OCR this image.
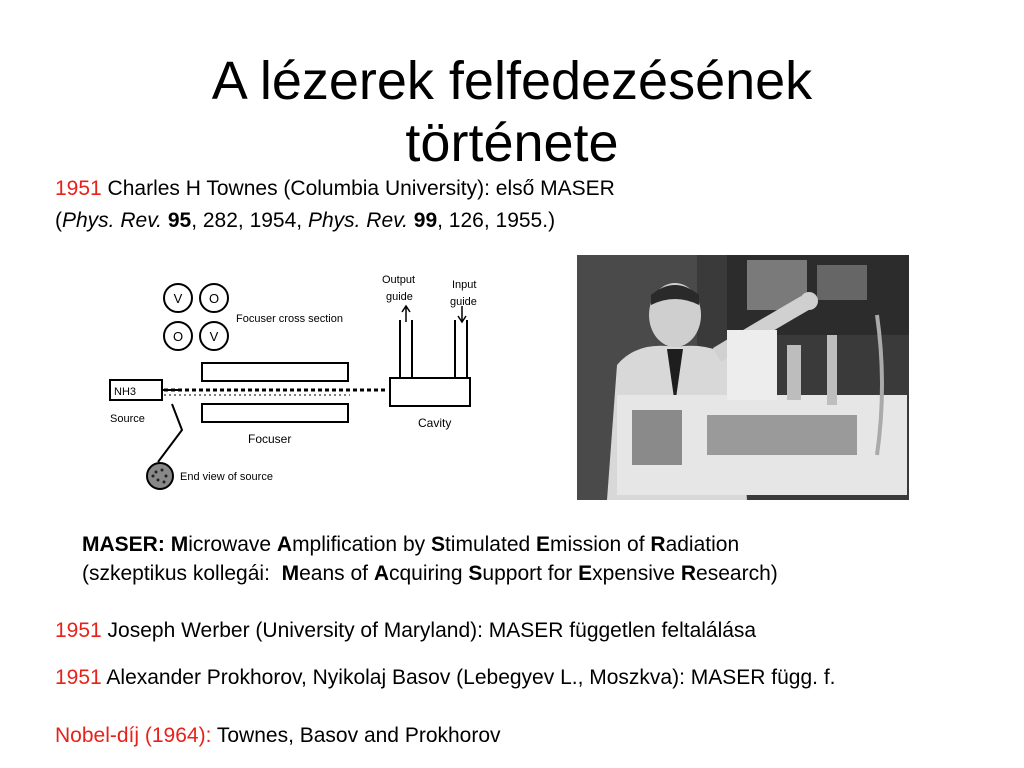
A lézerek felfedezésének
története
1951 Charles H Townes (Columbia University): első MASER
(Phys. Rev. 95, 282, 1954, Phys. Rev. 99, 126, 1955.)
V O
O V
Focuser cross section
Focuser
NH3
Source	Cavity
Output
guide
Input
guide
End view of source
MASER: Microwave Amplification by Stimulated Emission of Radiation
(szkeptikus kollegái:  Means of Acquiring Support for Expensive Research)
1951 Joseph Werber (University of Maryland): MASER független feltalálása
1951 Alexander Prokhorov, Nyikolaj Basov (Lebegyev L., Moszkva): MASER függ. f.
Nobel-díj (1964): Townes, Basov and Prokhorov
